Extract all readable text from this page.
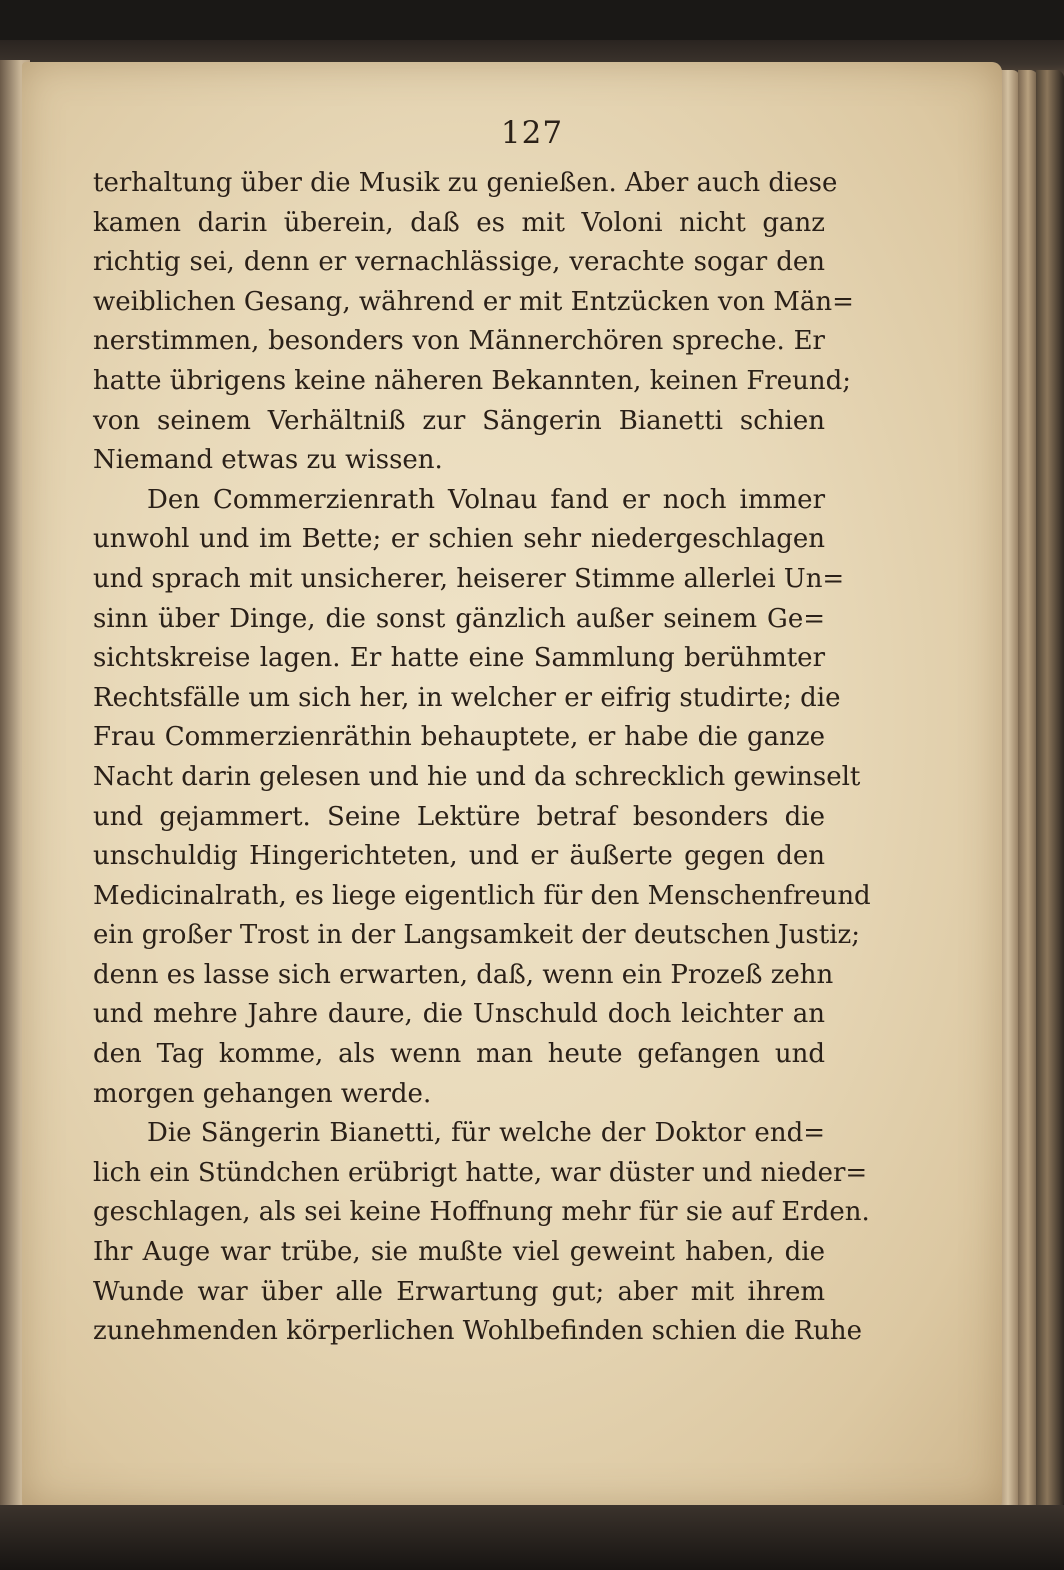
127
terhaltung über die Musik zu genießen. Aber auch diese
kamen darin überein, daß es mit Voloni nicht ganz
richtig sei, denn er vernachlässige, verachte sogar den
weiblichen Gesang, während er mit Entzücken von Män=
nerstimmen, besonders von Männerchören spreche. Er
hatte übrigens keine näheren Bekannten, keinen Freund;
von seinem Verhältniß zur Sängerin Bianetti schien
Niemand etwas zu wissen.
Den Commerzienrath Volnau fand er noch immer
unwohl und im Bette; er schien sehr niedergeschlagen
und sprach mit unsicherer, heiserer Stimme allerlei Un=
sinn über Dinge, die sonst gänzlich außer seinem Ge=
sichtskreise lagen. Er hatte eine Sammlung berühmter
Rechtsfälle um sich her, in welcher er eifrig studirte; die
Frau Commerzienräthin behauptete, er habe die ganze
Nacht darin gelesen und hie und da schrecklich gewinselt
und gejammert. Seine Lektüre betraf besonders die
unschuldig Hingerichteten, und er äußerte gegen den
Medicinalrath, es liege eigentlich für den Menschenfreund
ein großer Trost in der Langsamkeit der deutschen Justiz;
denn es lasse sich erwarten, daß, wenn ein Prozeß zehn
und mehre Jahre daure, die Unschuld doch leichter an
den Tag komme, als wenn man heute gefangen und
morgen gehangen werde.
Die Sängerin Bianetti, für welche der Doktor end=
lich ein Stündchen erübrigt hatte, war düster und nieder=
geschlagen, als sei keine Hoffnung mehr für sie auf Erden.
Ihr Auge war trübe, sie mußte viel geweint haben, die
Wunde war über alle Erwartung gut; aber mit ihrem
zunehmenden körperlichen Wohlbefinden schien die Ruhe
